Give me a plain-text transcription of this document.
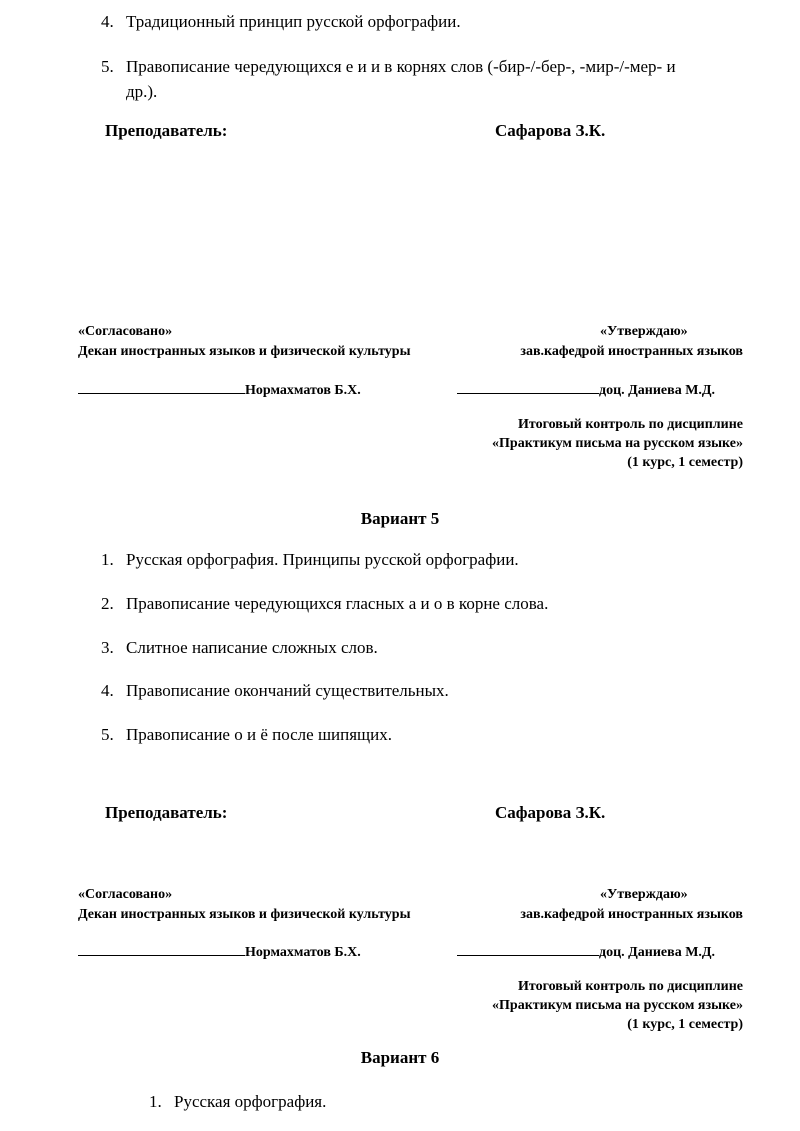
4. Традиционный принцип русской орфографии.
5. Правописание чередующихся е и и в корнях слов (-бир-/-бер-, -мир-/-мер- и
др.).
Преподаватель:	Сафарова З.К.
«Согласовано»	«Утверждаю»
Декан иностранных языков и физической культуры	зав.кафедрой иностранных языков
Нормахматов Б.Х.	доц. Даниева М.Д.
Итоговый контроль по дисциплине
«Практикум письма на русском языке»
(1 курс, 1 семестр)
Вариант 5
1. Русская орфография. Принципы русской орфографии.
2. Правописание чередующихся гласных а и о в корне слова.
3. Слитное написание сложных слов.
4. Правописание окончаний существительных.
5. Правописание о и ё после шипящих.
Преподаватель:	Сафарова З.К.
«Согласовано»	«Утверждаю»
Декан иностранных языков и физической культуры	зав.кафедрой иностранных языков
Нормахматов Б.Х.	доц. Даниева М.Д.
Итоговый контроль по дисциплине
«Практикум письма на русском языке»
(1 курс, 1 семестр)
Вариант 6
1. Русская орфография.
